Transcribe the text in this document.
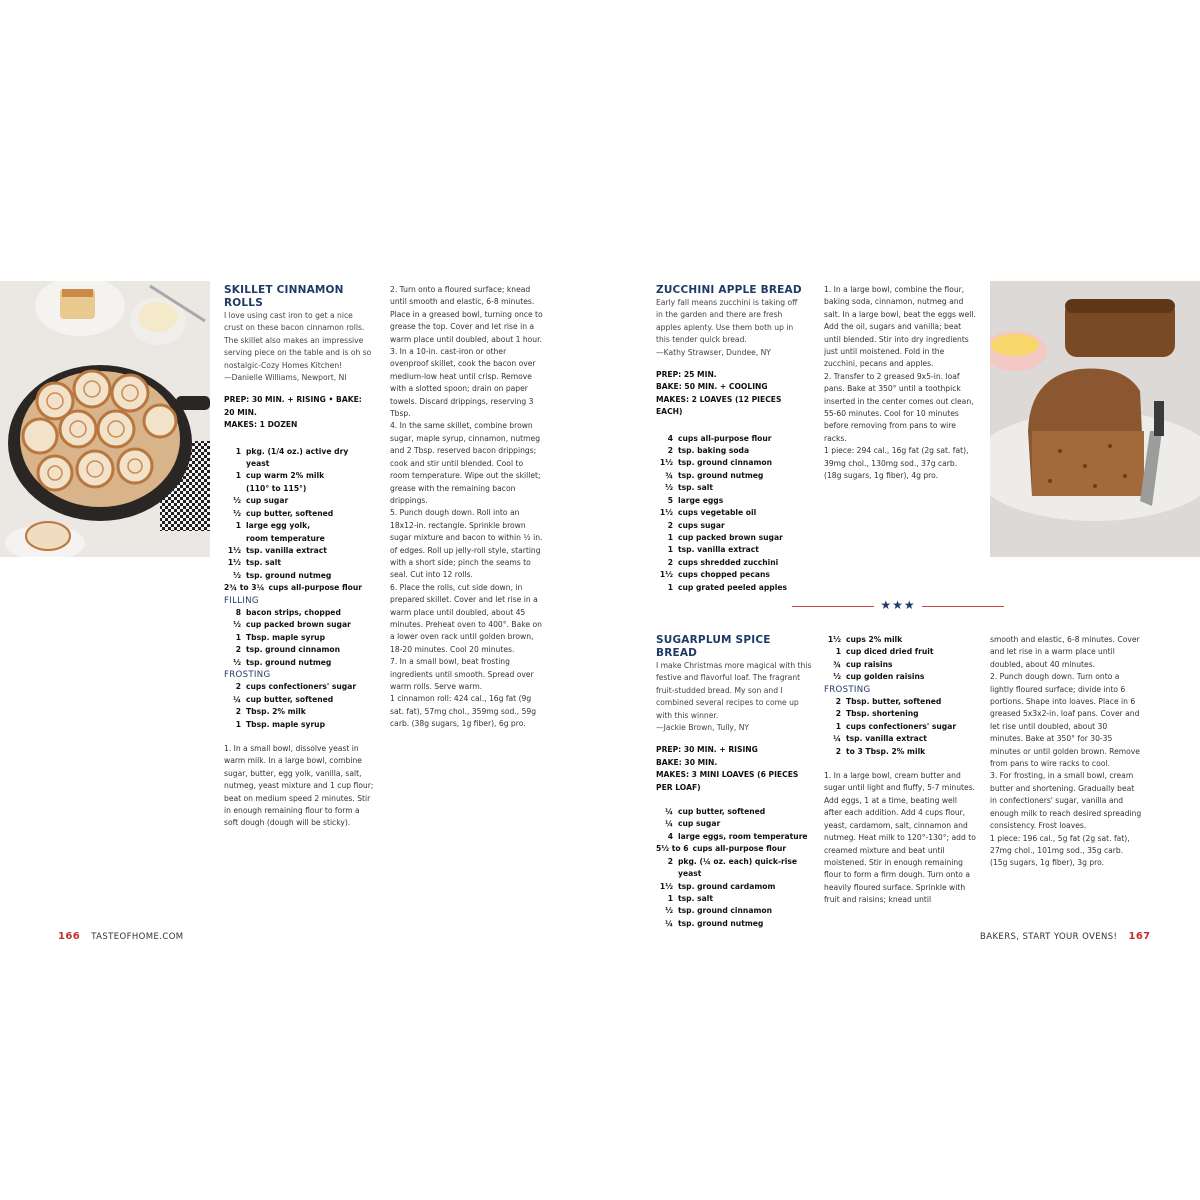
SKILLET CINNAMON ROLLS

I love using cast iron to get a nice crust on these bacon cinnamon rolls. The skillet also makes an impressive serving piece on the table and is oh so nostalgic-Cozy Homes Kitchen!

—Danielle Williams, Newport, NI

PREP: 30 MIN. + RISING • BAKE: 20 MIN.

MAKES: 1 DOZEN

1 pkg. (1/4 oz.) active dry yeast
1 cup warm 2% milk
(110° to 115°)
½ cup sugar
½ cup butter, softened
1 large egg yolk,
room temperature
1½ tsp. vanilla extract
1½ tsp. salt
½ tsp. ground nutmeg
2¾ to 3¼ cups all-purpose flour

FILLING

8 bacon strips, chopped
½ cup packed brown sugar
1 Tbsp. maple syrup
2 tsp. ground cinnamon
½ tsp. ground nutmeg

FROSTING

2 cups confectioners' sugar
¼ cup butter, softened
2 Tbsp. 2% milk
1 Tbsp. maple syrup

1. In a small bowl, dissolve yeast in warm milk. In a large bowl, combine sugar, butter, egg yolk, vanilla, salt, nutmeg, yeast mixture and 1 cup flour; beat on medium speed 2 minutes. Stir in enough remaining flour to form a soft dough (dough will be sticky).

2. Turn onto a floured surface; knead until smooth and elastic, 6-8 minutes. Place in a greased bowl, turning once to grease the top. Cover and let rise in a warm place until doubled, about 1 hour.

3. In a 10-in. cast-iron or other ovenproof skillet, cook the bacon over medium-low heat until crisp. Remove with a slotted spoon; drain on paper towels. Discard drippings, reserving 3 Tbsp.

4. In the same skillet, combine brown sugar, maple syrup, cinnamon, nutmeg and 2 Tbsp. reserved bacon drippings; cook and stir until blended. Cool to room temperature. Wipe out the skillet; grease with the remaining bacon drippings.

5. Punch dough down. Roll into an 18x12-in. rectangle. Sprinkle brown sugar mixture and bacon to within ½ in. of edges. Roll up jelly-roll style, starting with a short side; pinch the seams to seal. Cut into 12 rolls.

6. Place the rolls, cut side down, in prepared skillet. Cover and let rise in a warm place until doubled, about 45 minutes. Preheat oven to 400°. Bake on a lower oven rack until golden brown, 18-20 minutes. Cool 20 minutes.

7. In a small bowl, beat frosting ingredients until smooth. Spread over warm rolls. Serve warm.

1 cinnamon roll: 424 cal., 16g fat (9g sat. fat), 57mg chol., 359mg sod., 59g carb. (38g sugars, 1g fiber), 6g pro.

166 TASTEOFHOME.COM

ZUCCHINI APPLE BREAD

Early fall means zucchini is taking off in the garden and there are fresh apples aplenty. Use them both up in this tender quick bread.

—Kathy Strawser, Dundee, NY

PREP: 25 MIN.

BAKE: 50 MIN. + COOLING

MAKES: 2 LOAVES (12 PIECES EACH)

4 cups all-purpose flour
2 tsp. baking soda
1½ tsp. ground cinnamon
¾ tsp. ground nutmeg
½ tsp. salt
5 large eggs
1½ cups vegetable oil
2 cups sugar
1 cup packed brown sugar
1 tsp. vanilla extract
2 cups shredded zucchini
1½ cups chopped pecans
1 cup grated peeled apples

1. In a large bowl, combine the flour, baking soda, cinnamon, nutmeg and salt. In a large bowl, beat the eggs well. Add the oil, sugars and vanilla; beat until blended. Stir into dry ingredients just until moistened. Fold in the zucchini, pecans and apples.

2. Transfer to 2 greased 9x5-in. loaf pans. Bake at 350° until a toothpick inserted in the center comes out clean, 55-60 minutes. Cool for 10 minutes before removing from pans to wire racks.

1 piece: 294 cal., 16g fat (2g sat. fat), 39mg chol., 130mg sod., 37g carb. (18g sugars, 1g fiber), 4g pro.

★★★

SUGARPLUM SPICE BREAD

I make Christmas more magical with this festive and flavorful loaf. The fragrant fruit-studded bread. My son and I combined several recipes to come up with this winner.

—Jackie Brown, Tully, NY

PREP: 30 MIN. + RISING

BAKE: 30 MIN.

MAKES: 3 MINI LOAVES (6 PIECES PER LOAF)

¼ cup butter, softened
¼ cup sugar
4 large eggs, room temperature
5½ to 6 cups all-purpose flour
2 pkg. (¼ oz. each) quick-rise
yeast
1½ tsp. ground cardamom
1 tsp. salt
½ tsp. ground cinnamon
¼ tsp. ground nutmeg
1½ cups 2% milk
1 cup diced dried fruit
¾ cup raisins
½ cup golden raisins

FROSTING

2 Tbsp. butter, softened
2 Tbsp. shortening
1 cups confectioners' sugar
¼ tsp. vanilla extract
2 to 3 Tbsp. 2% milk

1. In a large bowl, cream butter and sugar until light and fluffy, 5-7 minutes. Add eggs, 1 at a time, beating well after each addition. Add 4 cups flour, yeast, cardamom, salt, cinnamon and nutmeg. Heat milk to 120°-130°; add to creamed mixture and beat until moistened. Stir in enough remaining flour to form a firm dough. Turn onto a heavily floured surface. Sprinkle with fruit and raisins; knead until

smooth and elastic, 6-8 minutes. Cover and let rise in a warm place until doubled, about 40 minutes.

2. Punch dough down. Turn onto a lightly floured surface; divide into 6 portions. Shape into loaves. Place in 6 greased 5x3x2-in. loaf pans. Cover and let rise until doubled, about 30 minutes. Bake at 350° for 30-35 minutes or until golden brown. Remove from pans to wire racks to cool.

3. For frosting, in a small bowl, cream butter and shortening. Gradually beat in confectioners' sugar, vanilla and enough milk to reach desired spreading consistency. Frost loaves.

1 piece: 196 cal., 5g fat (2g sat. fat), 27mg chol., 101mg sod., 35g carb. (15g sugars, 1g fiber), 3g pro.

BAKERS, START YOUR OVENS! 167
